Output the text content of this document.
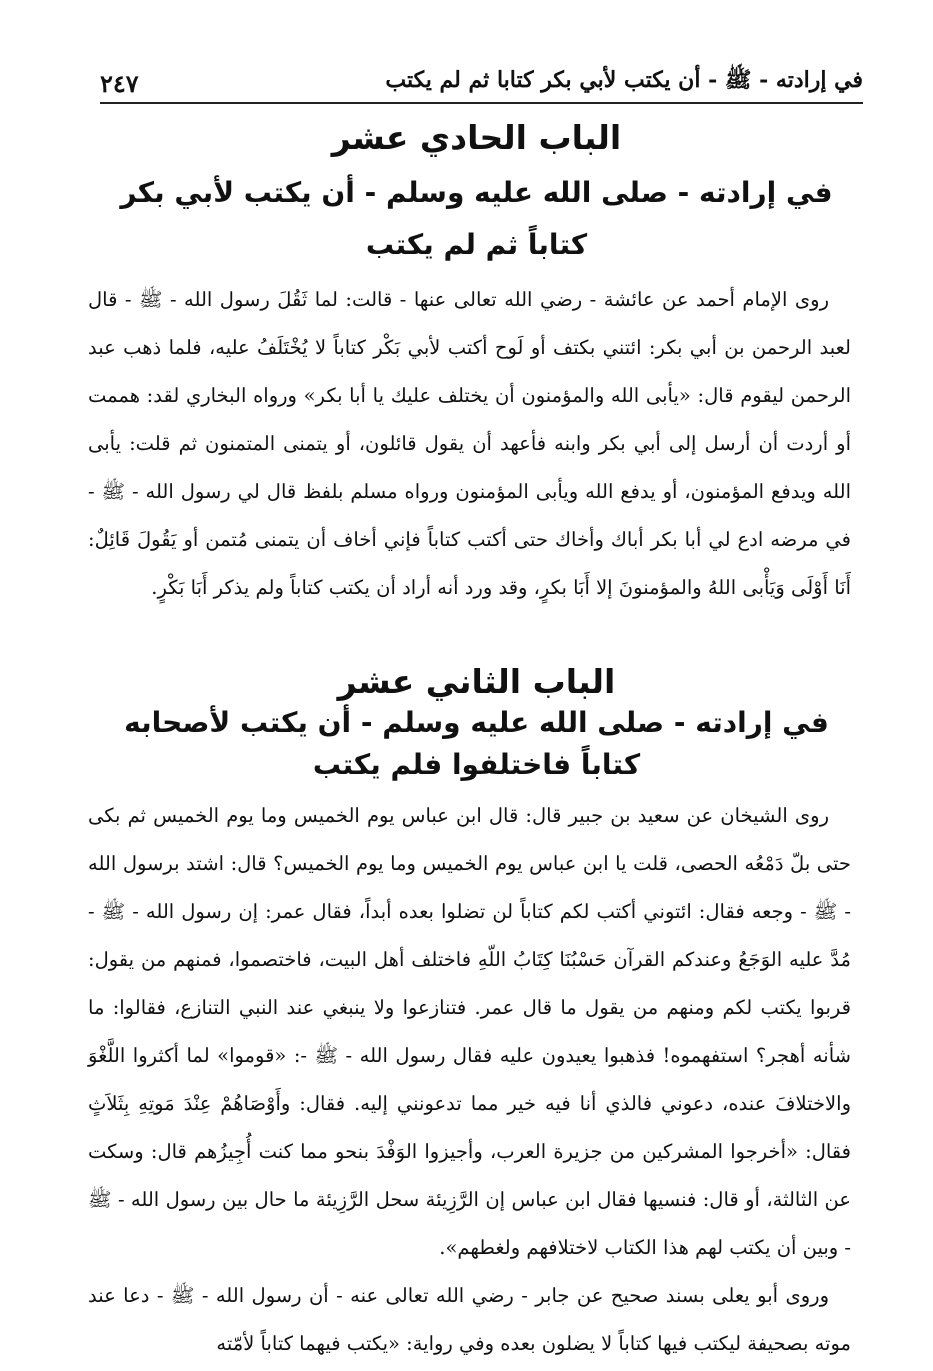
في إرادته - ﷺ - أن يكتب لأبي بكر كتابا ثم لم يكتب
٢٤٧
الباب الحادي عشر
في إرادته - صلى الله عليه وسلم - أن يكتب لأبي بكر
كتاباً ثم لم يكتب

روى الإمام أحمد عن عائشة - رضي الله تعالى عنها - قالت: لما ثَقُلَ رسول الله - ﷺ - قال لعبد الرحمن بن أبي بكر: ائتني بكتف أو لَوح أكتب لأبي بَكْر كتاباً لا يُخْتَلَفُ عليه، فلما ذهب عبد الرحمن ليقوم قال: «يأبى الله والمؤمنون أن يختلف عليك يا أبا بكر» ورواه البخاري لقد: هممت أو أردت أن أرسل إلى أبي بكر وابنه فأعهد أن يقول قائلون، أو يتمنى المتمنون ثم قلت: يأبى الله ويدفع المؤمنون، أو يدفع الله ويأبى المؤمنون ورواه مسلم بلفظ قال لي رسول الله - ﷺ - في مرضه ادع لي أبا بكر أباك وأخاك حتى أكتب كتاباً فإني أخاف أن يتمنى مُتمن أو يَقُولَ قَائِلٌ: أَنَا أَوْلَى وَيَأْبى اللهُ والمؤمنونَ إلا أَبَا بكرٍ، وقد ورد أنه أراد أن يكتب كتاباً ولم يذكر أَبَا بَكْرٍ.

الباب الثاني عشر
في إرادته - صلى الله عليه وسلم - أن يكتب لأصحابه
كتاباً فاختلفوا فلم يكتب

روى الشيخان عن سعيد بن جبير قال: قال ابن عباس يوم الخميس وما يوم الخميس ثم بكى حتى بلّ دَمْعُه الحصى، قلت يا ابن عباس يوم الخميس وما يوم الخميس؟ قال: اشتد برسول الله - ﷺ - وجعه فقال: ائتوني أكتب لكم كتاباً لن تضلوا بعده أبداً، فقال عمر: إن رسول الله - ﷺ - مُدَّ عليه الوَجَعُ وعندكم القرآن حَسْبُنَا كِتَابُ اللّهِ فاختلف أهل البيت، فاختصموا، فمنهم من يقول: قربوا يكتب لكم ومنهم من يقول ما قال عمر. فتنازعوا ولا ينبغي عند النبي التنازع، فقالوا: ما شأنه أهجر؟ استفهموه! فذهبوا يعيدون عليه فقال رسول الله - ﷺ -: «قوموا» لما أكثروا اللَّغْوَ والاختلافَ عنده، دعوني فالذي أنا فيه خير مما تدعونني إليه. فقال: وأَوْصَاهُمْ عِنْدَ مَوتِهِ بِثَلاَثٍ فقال: «أخرجوا المشركين من جزيرة العرب، وأجيزوا الوَفْدَ بنحو مما كنت أُجِيزُهم قال: وسكت عن الثالثة، أو قال: فنسيها فقال ابن عباس إن الرَّزِيئة سحل الرَّزِيئة ما حال بين رسول الله - ﷺ - وبين أن يكتب لهم هذا الكتاب لاختلافهم ولغطهم».

وروى أبو يعلى بسند صحيح عن جابر - رضي الله تعالى عنه - أن رسول الله - ﷺ - دعا عند موته بصحيفة ليكتب فيها كتاباً لا يضلون بعده وفي رواية: «يكتب فيهما كتاباً لأمّته
